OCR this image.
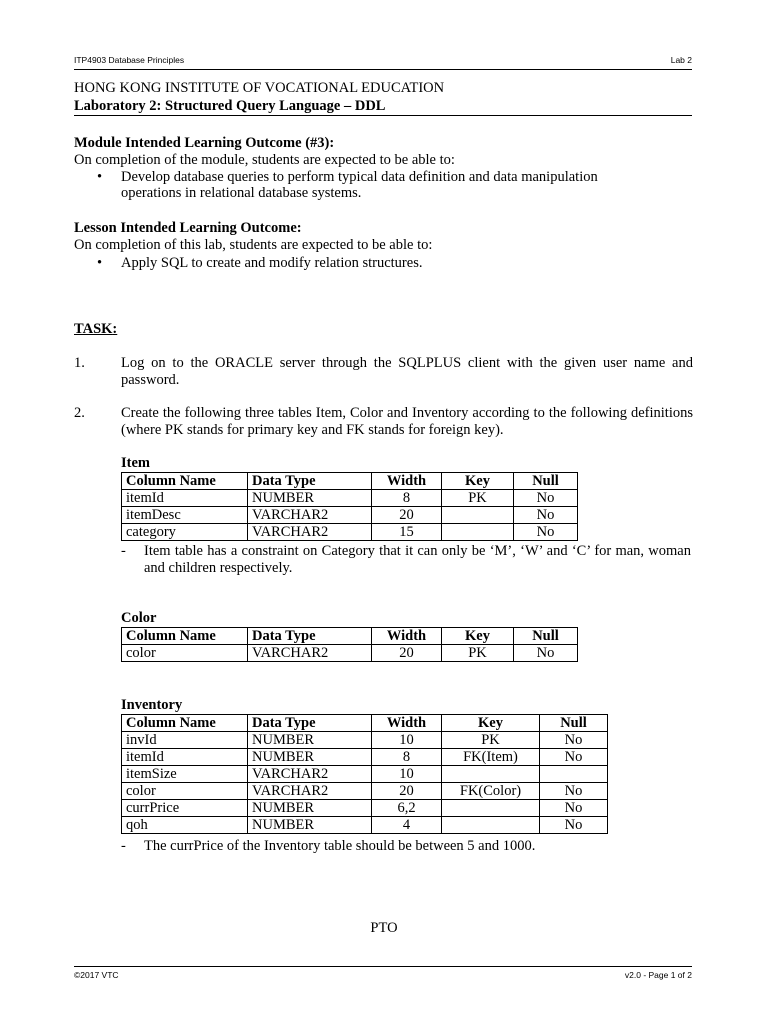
ITP4903 Database Principles	Lab 2
HONG KONG INSTITUTE OF VOCATIONAL EDUCATION
Laboratory 2: Structured Query Language – DDL
Module Intended Learning Outcome (#3):
On completion of the module, students are expected to be able to:
• Develop database queries to perform typical data definition and data manipulation operations in relational database systems.
Lesson Intended Learning Outcome:
On completion of this lab, students are expected to be able to:
• Apply SQL to create and modify relation structures.
TASK:
1. Log on to the ORACLE server through the SQLPLUS client with the given user name and password.
2. Create the following three tables Item, Color and Inventory according to the following definitions (where PK stands for primary key and FK stands for foreign key).
Item
Column Name	Data Type	Width	Key	Null
itemId	NUMBER	8	PK	No
itemDesc	VARCHAR2	20		No
category	VARCHAR2	15		No
- Item table has a constraint on Category that it can only be ‘M’, ‘W’ and ‘C’ for man, woman and children respectively.
Color
Column Name	Data Type	Width	Key	Null
color	VARCHAR2	20	PK	No
Inventory
Column Name	Data Type	Width	Key	Null
invId	NUMBER	10	PK	No
itemId	NUMBER	8	FK(Item)	No
itemSize	VARCHAR2	10		
color	VARCHAR2	20	FK(Color)	No
currPrice	NUMBER	6,2		No
qoh	NUMBER	4		No
- The currPrice of the Inventory table should be between 5 and 1000.
PTO
©2017 VTC	v2.0 - Page 1 of 2
